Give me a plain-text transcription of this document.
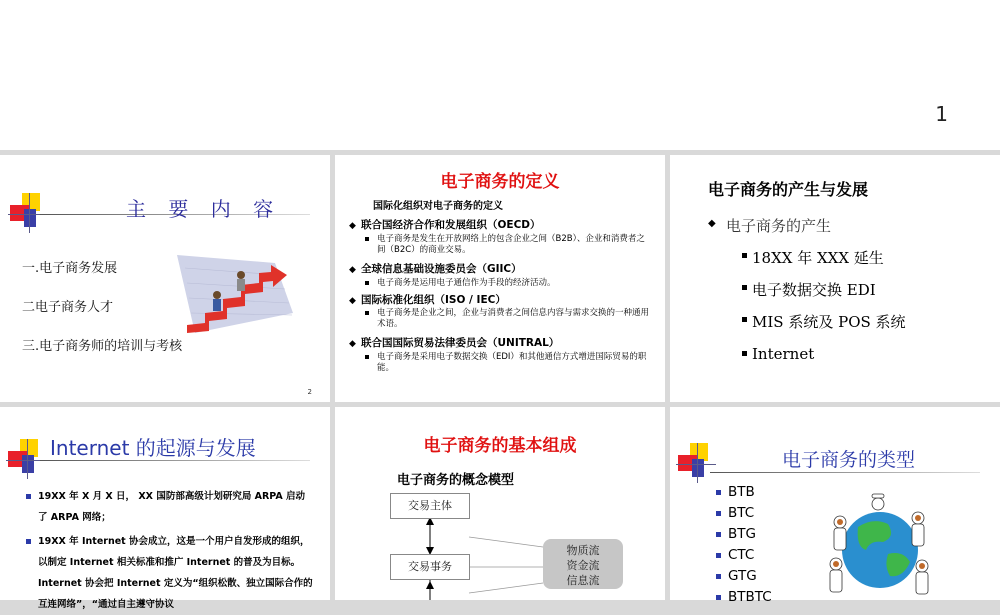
1
主 要 内 容
一.电子商务发展
二电子商务人才
三.电子商务师的培训与考核
2
电子商务的定义
国际化组织对电子商务的定义
◆ 联合国经济合作和发展组织（OECD）
电子商务是发生在开放网络上的包含企业之间（B2B）、企业和消费者之间（B2C）的商业交易。
◆ 全球信息基础设施委员会（GIIC）
电子商务是运用电子通信作为手段的经济活动。
◆ 国际标准化组织（ISO / IEC）
电子商务是企业之间，企业与消费者之间信息内容与需求交换的一种通用术语。
◆ 联合国国际贸易法律委员会（UNITRAL）
电子商务是采用电子数据交换（EDI）和其他通信方式增进国际贸易的职能。
电子商务的产生与发展
◆ 电子商务的产生
18XX 年 XXX 延生
电子数据交换 EDI
MIS 系统及 POS 系统
Internet
Internet 的起源与发展
19XX 年 X 月 X 日， XX 国防部高级计划研究局 ARPA 启动了 ARPA 网络；
19XX 年 Internet 协会成立，这是一个用户自发形成的组织，以制定 Internet 相关标准和推广 Internet 的普及为目标。 Internet 协会把 Internet 定义为“组织松散、独立国际合作的互连网络”，“通过自主遵守协议
电子商务的基本组成
电子商务的概念模型
交易主体
交易事务
物质流
资金流
信息流
电子商务的类型
BTB
BTC
BTG
CTC
GTG
BTBTC
